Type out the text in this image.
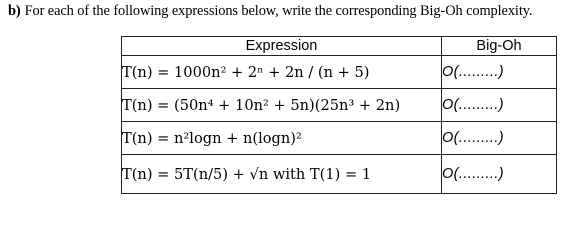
b) For each of the following expressions below, write the corresponding Big-Oh complexity.
Expression	Big-Oh
T(n) = 1000n² + 2ⁿ + 2n / (n + 5)	O(.........)
T(n) = (50n⁴ + 10n² + 5n)(25n³ + 2n)	O(.........)
T(n) = n²logn + n(logn)²	O(.........)
T(n) = 5T(n/5) + √n with T(1) = 1	O(.........)
